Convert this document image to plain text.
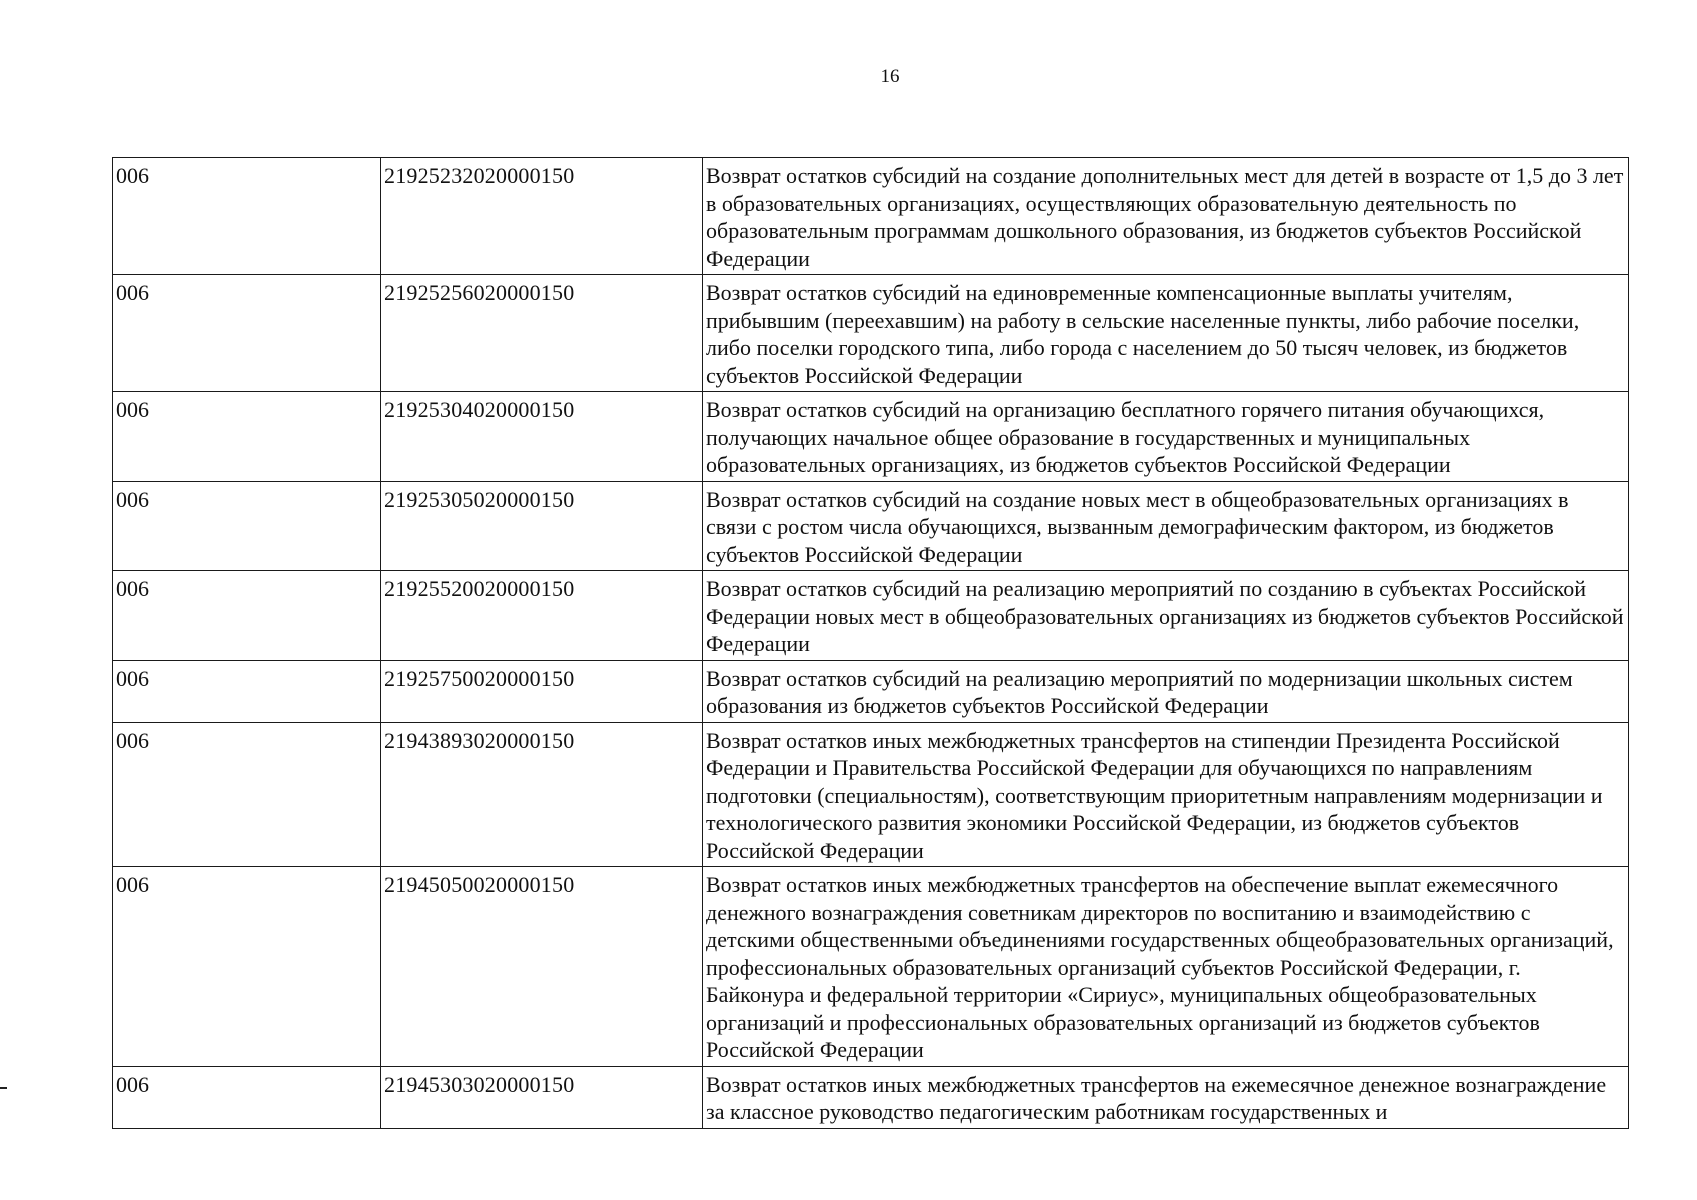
16
006	21925232020000150	Возврат остатков субсидий на создание дополнительных мест для детей в возрасте от 1,5 до 3 лет в образовательных организациях, осуществляющих образовательную деятельность по образовательным программам дошкольного образования, из бюджетов субъектов Российской Федерации
006	21925256020000150	Возврат остатков субсидий на единовременные компенсационные выплаты учителям, прибывшим (переехавшим) на работу в сельские населенные пункты, либо рабочие поселки, либо поселки городского типа, либо города с населением до 50 тысяч человек, из бюджетов субъектов Российской Федерации
006	21925304020000150	Возврат остатков субсидий на организацию бесплатного горячего питания обучающихся, получающих начальное общее образование в государственных и муниципальных образовательных организациях, из бюджетов субъектов Российской Федерации
006	21925305020000150	Возврат остатков субсидий на создание новых мест в общеобразовательных организациях в связи с ростом числа обучающихся, вызванным демографическим фактором, из бюджетов субъектов Российской Федерации
006	21925520020000150	Возврат остатков субсидий на реализацию мероприятий по созданию в субъектах Российской Федерации новых мест в общеобразовательных организациях из бюджетов субъектов Российской Федерации
006	21925750020000150	Возврат остатков субсидий на реализацию мероприятий по модернизации школьных систем образования из бюджетов субъектов Российской Федерации
006	21943893020000150	Возврат остатков иных межбюджетных трансфертов на стипендии Президента Российской Федерации и Правительства Российской Федерации для обучающихся по направлениям подготовки (специальностям), соответствующим приоритетным направлениям модернизации и технологического развития экономики Российской Федерации, из бюджетов субъектов Российской Федерации
006	21945050020000150	Возврат остатков иных межбюджетных трансфертов на обеспечение выплат ежемесячного денежного вознаграждения советникам директоров по воспитанию и взаимодействию с детскими общественными объединениями государственных общеобразовательных организаций, профессиональных образовательных организаций субъектов Российской Федерации, г. Байконура и федеральной территории «Сириус», муниципальных общеобразовательных организаций и профессиональных образовательных организаций из бюджетов субъектов Российской Федерации
006	21945303020000150	Возврат остатков иных межбюджетных трансфертов на ежемесячное денежное вознаграждение за классное руководство педагогическим работникам государственных и
